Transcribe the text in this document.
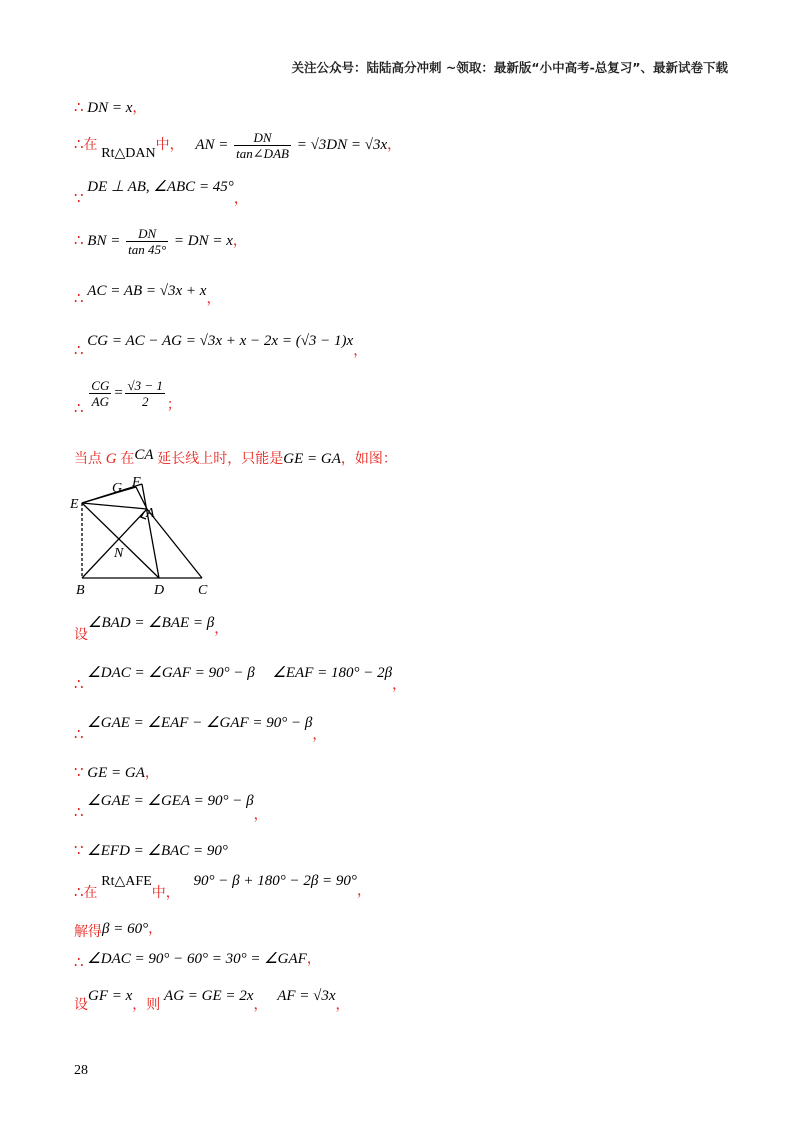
关注公众号：陆陆高分冲刺 ~领取：最新版“小中高考-总复习”、最新试卷下载
∴ DN = x，
∴在 Rt△DAN中， AN = $\frac{DN}{\text{tan∠DAB}} = √3DN = √3x$，
∵ DE ⊥ AB, ∠ABC = 45°，
∴ BN = $\frac{DN}{\tan 45^\circ}$ = DN = x，
∴ AC = AB = √3x + x，
∴ CG = AC − AG = √3x + x − 2x = (√3 − 1)x，
∴ $\frac{CG}{AG} = \frac{√3 - 1}{2}$ ；
当点 G 在CA 延长线上时，只能是GE = GA，如图：
E
G F
A
N
B	D C
设∠BAD = ∠BAE = β，
∴ ∠DAC = ∠GAF = 90° − β ∠EAF = 180° − 2β，
∴ ∠GAE = ∠EAF − ∠GAF = 90° − β，
∵ GE = GA，
∴ ∠GAE = ∠GEA = 90° − β，
∵ ∠EFD = ∠BAC = 90°
∴在 Rt△AFE中， 90° − β + 180° − 2β = 90°，
解得β = 60°，
∴ ∠DAC = 90° − 60° = 30° = ∠GAF，
设GF = x，则 AG = GE = 2x， AF = √3x，
28
